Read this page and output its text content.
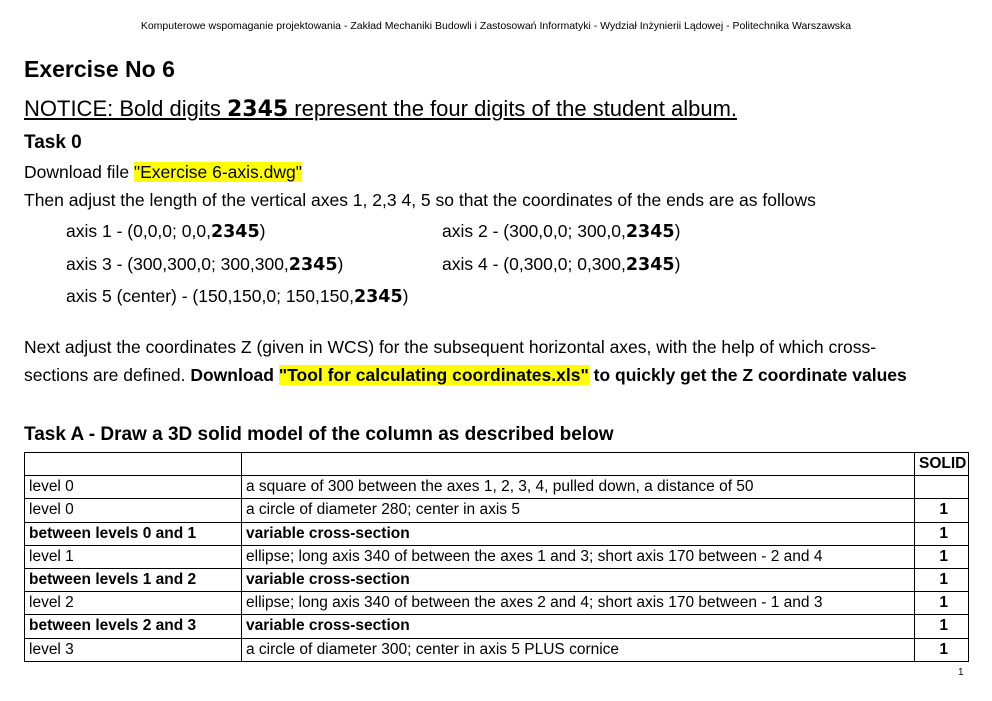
Komputerowe wspomaganie projektowania - Zakład Mechaniki Budowli i Zastosowań Informatyki - Wydział Inżynierii Lądowej - Politechnika Warszawska
Exercise No 6
NOTICE: Bold digits 2345 represent the four digits of the student album.
Task 0
Download file "Exercise 6-axis.dwg"
Then adjust the length of the vertical axes 1, 2,3 4, 5 so that the coordinates of the ends are as follows
axis 1 - (0,0,0; 0,0,2345)	axis 2 - (300,0,0; 300,0,2345)
axis 3 - (300,300,0; 300,300,2345)	axis 4 - (0,300,0; 0,300,2345)
axis 5 (center) - (150,150,0; 150,150,2345)
Next adjust the coordinates Z (given in WCS) for the subsequent horizontal axes, with the help of which cross-
sections are defined. Download "Tool for calculating coordinates.xls" to quickly get the Z coordinate values
Task A - Draw a 3D solid model of the column as described below
		SOLID
level 0	a square of 300 between the axes 1, 2, 3, 4, pulled down, a distance of 50	
level 0	a circle of diameter 280; center in axis 5	1
between levels 0 and 1	variable cross-section	1
level 1	ellipse; long axis 340 of between the axes 1 and 3; short axis 170 between - 2 and 4	1
between levels 1 and 2	variable cross-section	1
level 2	ellipse; long axis 340 of between the axes 2 and 4; short axis 170 between - 1 and 3	1
between levels 2 and 3	variable cross-section	1
level 3	a circle of diameter 300; center in axis 5 PLUS cornice	1
1
